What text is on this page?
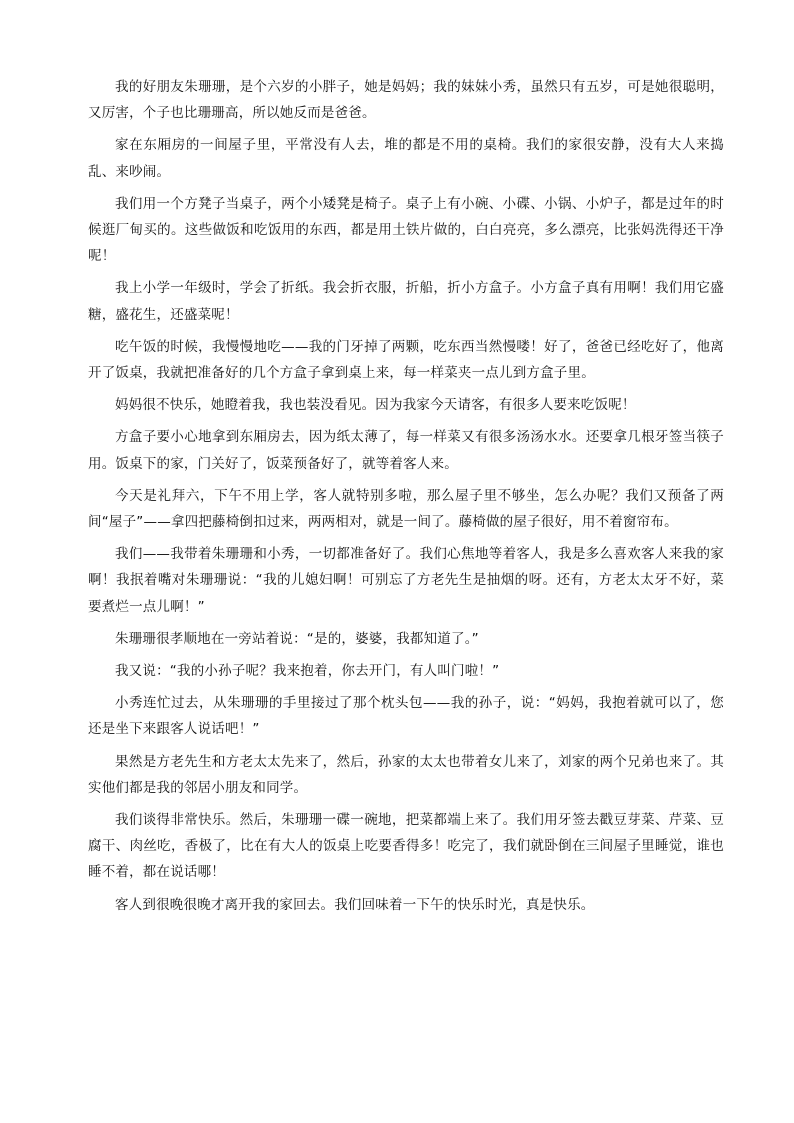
我的好朋友朱珊珊，是个六岁的小胖子，她是妈妈；我的妹妹小秀，虽然只有五岁，可是她很聪明，又厉害，个子也比珊珊高，所以她反而是爸爸。

家在东厢房的一间屋子里，平常没有人去，堆的都是不用的桌椅。我们的家很安静，没有大人来捣乱、来吵闹。

我们用一个方凳子当桌子，两个小矮凳是椅子。桌子上有小碗、小碟、小锅、小炉子，都是过年的时候逛厂甸买的。这些做饭和吃饭用的东西，都是用土铁片做的，白白亮亮，多么漂亮，比张妈洗得还干净呢！

我上小学一年级时，学会了折纸。我会折衣服，折船，折小方盒子。小方盒子真有用啊！我们用它盛糖，盛花生，还盛菜呢！

吃午饭的时候，我慢慢地吃——我的门牙掉了两颗，吃东西当然慢喽！好了，爸爸已经吃好了，他离开了饭桌，我就把准备好的几个方盒子拿到桌上来，每一样菜夹一点儿到方盒子里。

妈妈很不快乐，她瞪着我，我也装没看见。因为我家今天请客，有很多人要来吃饭呢！

方盒子要小心地拿到东厢房去，因为纸太薄了，每一样菜又有很多汤汤水水。还要拿几根牙签当筷子用。饭桌下的家，门关好了，饭菜预备好了，就等着客人来。

今天是礼拜六，下午不用上学，客人就特别多啦，那么屋子里不够坐，怎么办呢？我们又预备了两间“屋子”——拿四把藤椅倒扣过来，两两相对，就是一间了。藤椅做的屋子很好，用不着窗帘布。

我们——我带着朱珊珊和小秀，一切都准备好了。我们心焦地等着客人，我是多么喜欢客人来我的家啊！我抿着嘴对朱珊珊说：“我的儿媳妇啊！可别忘了方老先生是抽烟的呀。还有，方老太太牙不好，菜要煮烂一点儿啊！”

朱珊珊很孝顺地在一旁站着说：“是的，婆婆，我都知道了。”

我又说：“我的小孙子呢？我来抱着，你去开门，有人叫门啦！”

小秀连忙过去，从朱珊珊的手里接过了那个枕头包——我的孙子，说：“妈妈，我抱着就可以了，您还是坐下来跟客人说话吧！”

果然是方老先生和方老太太先来了，然后，孙家的太太也带着女儿来了，刘家的两个兄弟也来了。其实他们都是我的邻居小朋友和同学。

我们谈得非常快乐。然后，朱珊珊一碟一碗地，把菜都端上来了。我们用牙签去戳豆芽菜、芹菜、豆腐干、肉丝吃，香极了，比在有大人的饭桌上吃要香得多！吃完了，我们就卧倒在三间屋子里睡觉，谁也睡不着，都在说话哪！

客人到很晚很晚才离开我的家回去。我们回味着一下午的快乐时光，真是快乐。
